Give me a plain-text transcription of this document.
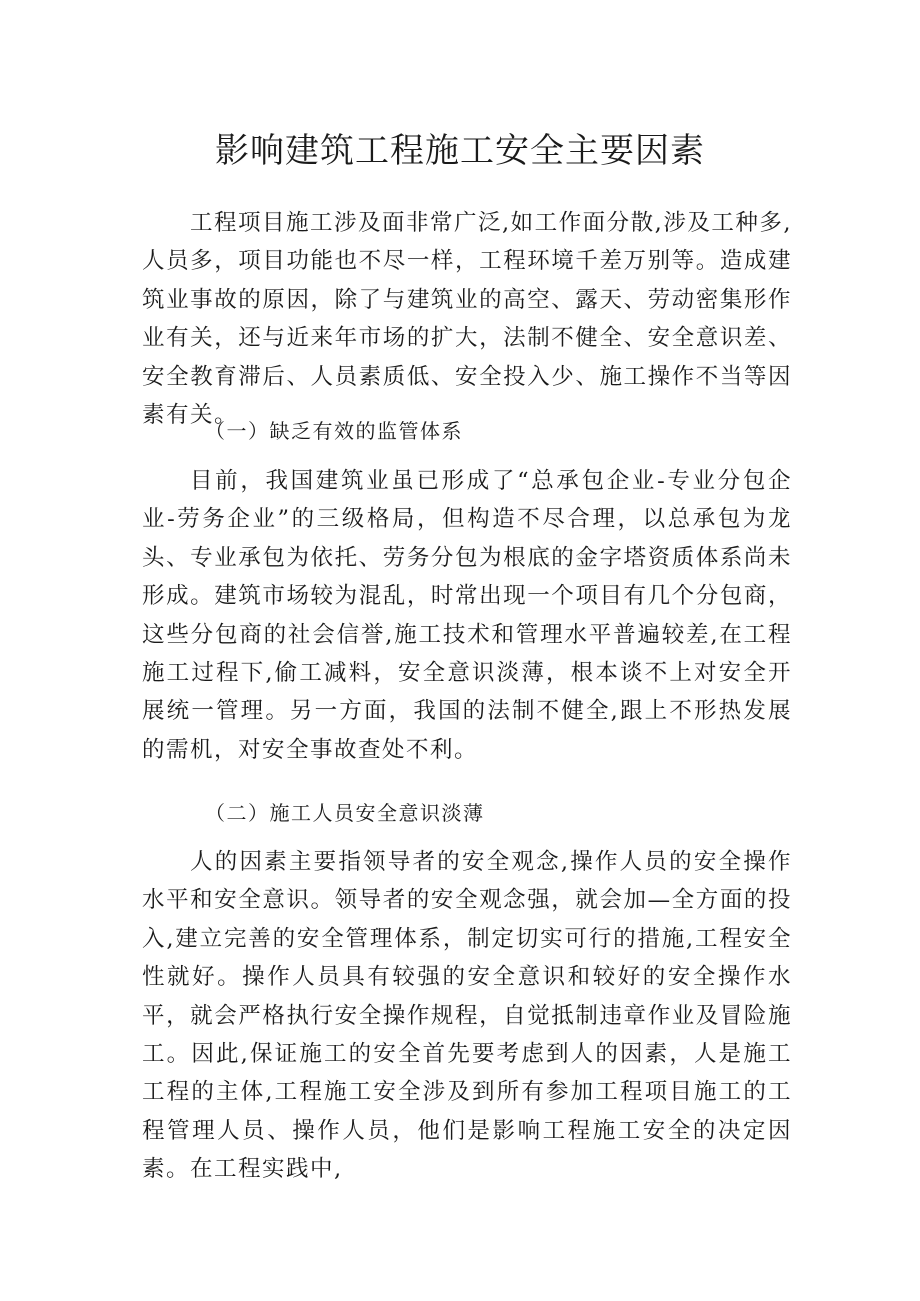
影响建筑工程施工安全主要因素

工程项目施工涉及面非常广泛,如工作面分散,涉及工种多,人员多，项目功能也不尽一样，工程环境千差万别等。造成建筑业事故的原因，除了与建筑业的高空、露天、劳动密集形作业有关，还与近来年市场的扩大，法制不健全、安全意识差、安全教育滞后、人员素质低、安全投入少、施工操作不当等因素有关。

（一）缺乏有效的监管体系

目前，我国建筑业虽已形成了“总承包企业-专业分包企业-劳务企业”的三级格局，但构造不尽合理，以总承包为龙头、专业承包为依托、劳务分包为根底的金字塔资质体系尚未形成。建筑市场较为混乱，时常出现一个项目有几个分包商，这些分包商的社会信誉,施工技术和管理水平普遍较差,在工程施工过程下,偷工减料，安全意识淡薄，根本谈不上对安全开展统一管理。另一方面，我国的法制不健全,跟上不形热发展的需机，对安全事故查处不利。

（二）施工人员安全意识淡薄

人的因素主要指领导者的安全观念,操作人员的安全操作水平和安全意识。领导者的安全观念强，就会加—全方面的投入,建立完善的安全管理体系，制定切实可行的措施,工程安全性就好。操作人员具有较强的安全意识和较好的安全操作水平，就会严格执行安全操作规程，自觉抵制违章作业及冒险施工。因此,保证施工的安全首先要考虑到人的因素，人是施工工程的主体,工程施工安全涉及到所有参加工程项目施工的工程管理人员、操作人员，他们是影响工程施工安全的决定因素。在工程实践中,
